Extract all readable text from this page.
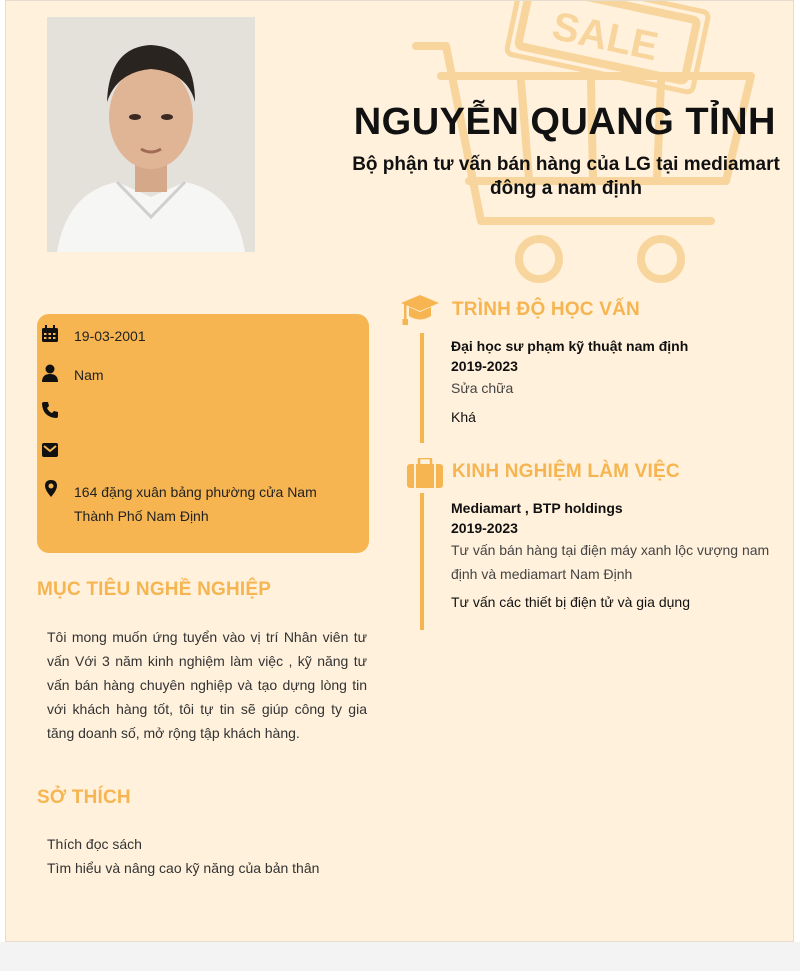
SALE
NGUYỄN QUANG TỈNH
Bộ phận tư vấn bán hàng của LG tại mediamart đông a nam định
19-03-2001
Nam
164 đặng xuân bảng phường cửa Nam Thành Phố Nam Định
MỤC TIÊU NGHỀ NGHIỆP
Tôi mong muốn ứng tuyển vào vị trí Nhân viên tư vấn Với 3 năm kinh nghiệm làm việc , kỹ năng tư vấn bán hàng chuyên nghiệp và tạo dựng lòng tin với khách hàng tốt, tôi tự tin sẽ giúp công ty gia tăng doanh số, mở rộng tập khách hàng.
SỞ THÍCH
Thích đọc sách
Tìm hiểu và nâng cao kỹ năng của bản thân
TRÌNH ĐỘ HỌC VẤN
Đại học sư phạm kỹ thuật nam định
2019-2023
Sửa chữa
Khá
KINH NGHIỆM LÀM VIỆC
Mediamart , BTP holdings
2019-2023
Tư vấn bán hàng tại điện máy xanh lộc vượng nam định và mediamart Nam Định
Tư vấn các thiết bị điện tử và gia dụng
